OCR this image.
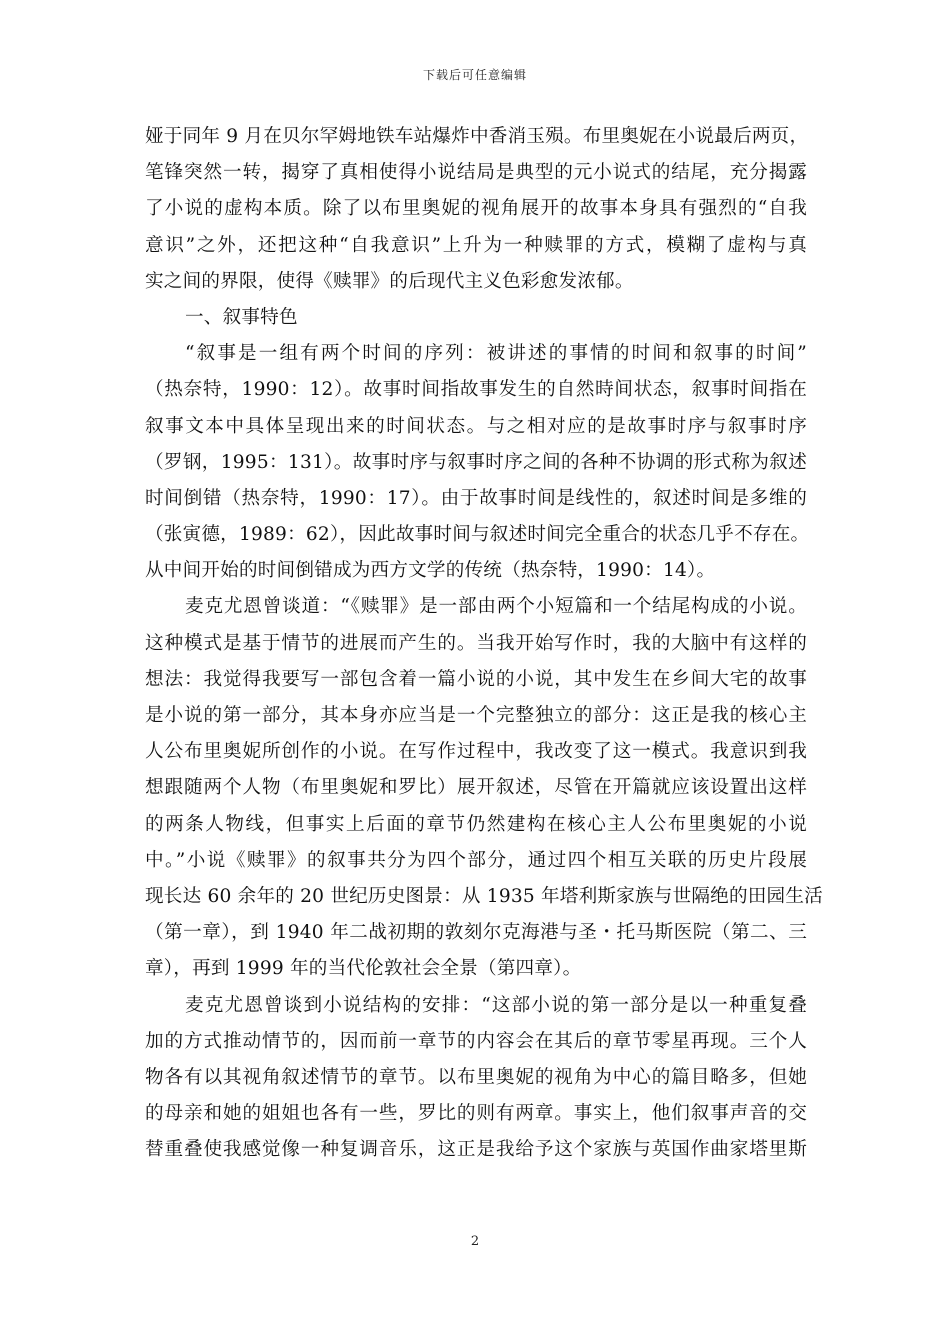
下载后可任意编辑
娅于同年 9 月在贝尔罕姆地铁车站爆炸中香消玉殒。布里奥妮在小说最后两页，
笔锋突然一转，揭穿了真相使得小说结局是典型的元小说式的结尾，充分揭露
了小说的虚构本质。除了以布里奥妮的视角展开的故事本身具有强烈的“自我
意识”之外，还把这种“自我意识”上升为一种赎罪的方式，模糊了虚构与真
实之间的界限，使得《赎罪》的后现代主义色彩愈发浓郁。
一、叙事特色
“叙事是一组有两个时间的序列：被讲述的事情的时间和叙事的时间”
（热奈特，1990：12）。故事时间指故事发生的自然時间状态，叙事时间指在
叙事文本中具体呈现出来的时间状态。与之相对应的是故事时序与叙事时序
（罗钢，1995：131）。故事时序与叙事时序之间的各种不协调的形式称为叙述
时间倒错（热奈特，1990：17）。由于故事时间是线性的，叙述时间是多维的
（张寅德，1989：62），因此故事时间与叙述时间完全重合的状态几乎不存在。
从中间开始的时间倒错成为西方文学的传统（热奈特，1990：14）。
麦克尤恩曾谈道：“《赎罪》是一部由两个小短篇和一个结尾构成的小说。
这种模式是基于情节的进展而产生的。当我开始写作时，我的大脑中有这样的
想法：我觉得我要写一部包含着一篇小说的小说，其中发生在乡间大宅的故事
是小说的第一部分，其本身亦应当是一个完整独立的部分：这正是我的核心主
人公布里奥妮所创作的小说。在写作过程中，我改变了这一模式。我意识到我
想跟随两个人物（布里奥妮和罗比）展开叙述，尽管在开篇就应该设置出这样
的两条人物线，但事实上后面的章节仍然建构在核心主人公布里奥妮的小说
中。”小说《赎罪》的叙事共分为四个部分，通过四个相互关联的历史片段展
现长达 60 余年的 20 世纪历史图景：从 1935 年塔利斯家族与世隔绝的田园生活
（第一章），到 1940 年二战初期的敦刻尔克海港与圣・托马斯医院（第二、三
章），再到 1999 年的当代伦敦社会全景（第四章）。
麦克尤恩曾谈到小说结构的安排：“这部小说的第一部分是以一种重复叠
加的方式推动情节的，因而前一章节的内容会在其后的章节零星再现。三个人
物各有以其视角叙述情节的章节。以布里奥妮的视角为中心的篇目略多，但她
的母亲和她的姐姐也各有一些，罗比的则有两章。事实上，他们叙事声音的交
替重叠使我感觉像一种复调音乐，这正是我给予这个家族与英国作曲家塔里斯
2
